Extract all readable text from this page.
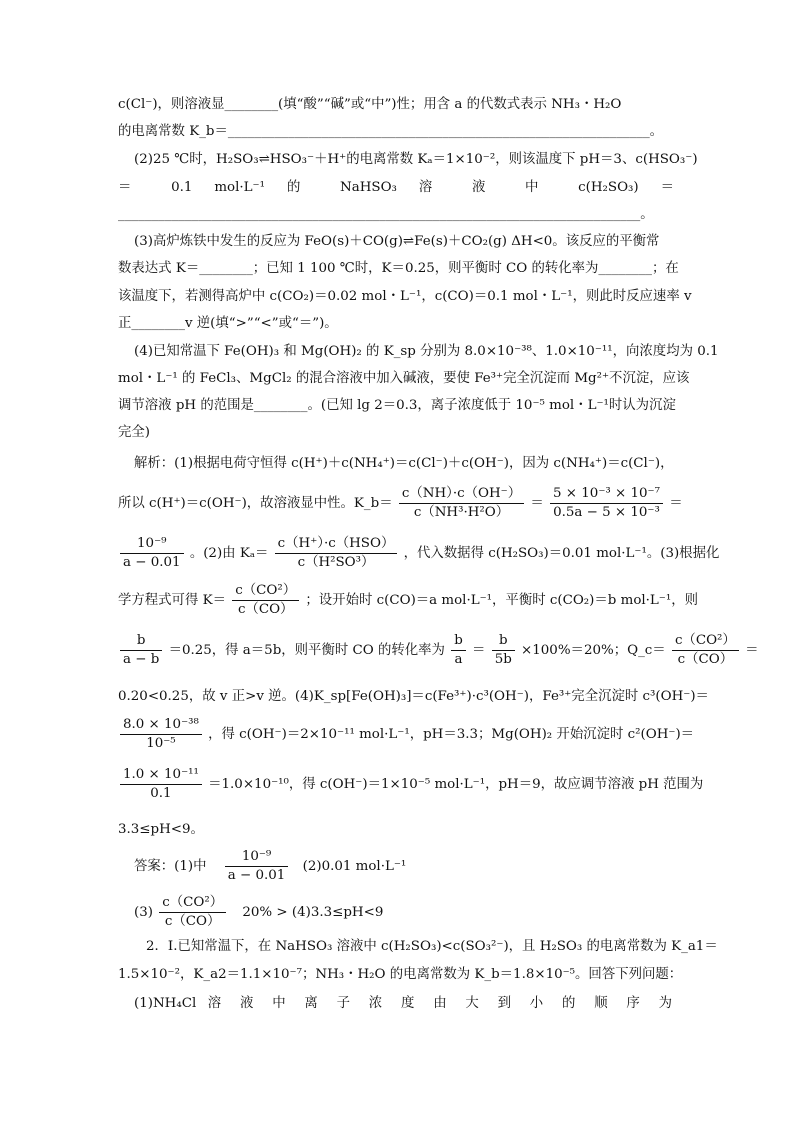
c(Cl⁻)，则溶液显________(填“酸”“碱”或“中”)性；用含 a 的代数式表示 NH₃・H₂O
的电离常数 K_b＝_______________________________________________________________。
(2)25 ℃时，H₂SO₃⇌HSO₃⁻＋H⁺的电离常数 Kₐ＝1×10⁻²，则该温度下 pH＝3、c(HSO₃⁻)
＝ 0.1 mol·L⁻¹ 的 NaHSO₃ 溶 液 中 c(H₂SO₃) ＝
______________________________________________________________________________。
(3)高炉炼铁中发生的反应为 FeO(s)＋CO(g)⇌Fe(s)＋CO₂(g) ΔH<0。该反应的平衡常
数表达式 K＝________；已知 1 100 ℃时，K＝0.25，则平衡时 CO 的转化率为________；在
该温度下，若测得高炉中 c(CO₂)＝0.02 mol・L⁻¹，c(CO)＝0.1 mol・L⁻¹，则此时反应速率 v
正________v 逆(填“>”“<”或“＝”)。
(4)已知常温下 Fe(OH)₃ 和 Mg(OH)₂ 的 K_sp 分别为 8.0×10⁻³⁸、1.0×10⁻¹¹，向浓度均为 0.1
mol・L⁻¹ 的 FeCl₃、MgCl₂ 的混合溶液中加入碱液，要使 Fe³⁺完全沉淀而 Mg²⁺不沉淀，应该
调节溶液 pH 的范围是________。(已知 lg 2＝0.3，离子浓度低于 10⁻⁵ mol・L⁻¹时认为沉淀
完全)
解析：(1)根据电荷守恒得 c(H⁺)＋c(NH₄⁺)＝c(Cl⁻)＋c(OH⁻)，因为 c(NH₄⁺)＝c(Cl⁻)，
所以 c(H⁺)＝c(OH⁻)，故溶液显中性。K_b＝ $\frac{c(NH)\cdot c(OH^-)}{\text{c（NH³·H²O）}} = \frac{\text{5 × 10⁻³ × 10⁻⁷}}{\text{0.5a − 5 × 10⁻³}}$ ＝
$\frac{\text{10⁻⁹}}{a - 0.01}$ 。(2)由 $K_a= \frac{\text{c（H⁺）·c（HSO）}}{\text{c（H²SO³）}}$ ，代入数据得 c(H₂SO₃)＝0.01 mol·L⁻¹。(3)根据化
学方程式可得 $K= \frac{\text{c（CO²）}}{c(CO)}$ ；设开始时 c(CO)＝a mol·L⁻¹，平衡时 c(CO₂)＝b mol·L⁻¹，则
$\frac{b}{a - b} =0.25$，得 a＝5b，则平衡时 CO 的转化率为 $\frac{b}{a} = \frac{b}{5b} \times 100\%=20\%$；Q_c＝ $\frac{\text{c（CO²）}}{c(CO)}$ ＝
0.20<0.25，故 v 正>v 逆。(4)K_sp[Fe(OH)₃]＝c(Fe³⁺)·c³(OH⁻)，Fe³⁺完全沉淀时 c³(OH⁻)＝
$\frac{\text{8.0 × 10⁻³⁸}}{\text{10⁻⁵}}$ ，得 c(OH⁻)＝2×10⁻¹¹ mol·L⁻¹，pH＝3.3；Mg(OH)₂ 开始沉淀时 c²(OH⁻)＝
$\frac{\text{1.0 × 10⁻¹¹}}{0.1} =1.0\times 10^{-10}$，得 c(OH⁻)＝1×10⁻⁵ mol·L⁻¹，pH＝9，故应调节溶液 pH 范围为
3.3≤pH<9。
答案：(1)中 $\frac{\text{10⁻⁹}}{a - 0.01} (2)0.01$ mol·L⁻¹
$(3) \frac{\text{c（CO²）}}{c(CO)} 20\% > (4)3.3\le pH<9$
2．Ⅰ.已知常温下，在 NaHSO₃ 溶液中 c(H₂SO₃)<c(SO₃²⁻)，且 H₂SO₃ 的电离常数为 K_a1＝
1.5×10⁻²，K_a2＝1.1×10⁻⁷；NH₃・H₂O 的电离常数为 K_b＝1.8×10⁻⁵。回答下列问题：
(1)NH₄Cl 溶 液 中 离 子 浓 度 由 大 到 小 的 顺 序 为
